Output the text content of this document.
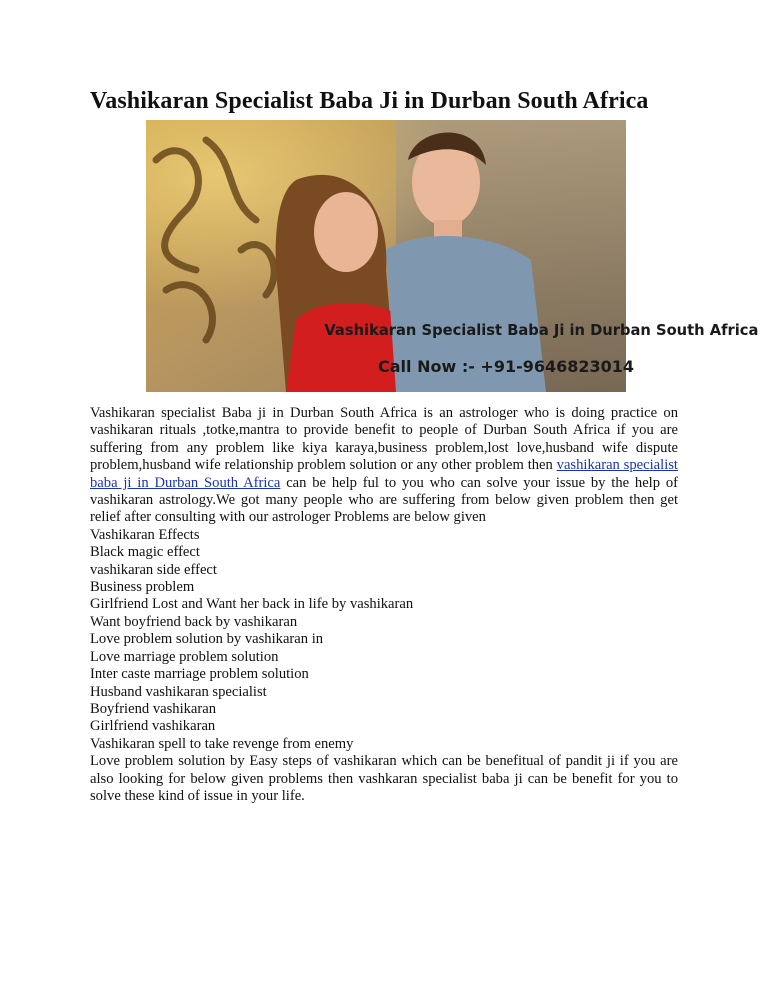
Vashikaran Specialist Baba Ji in Durban South Africa
Vashikaran Specialist Baba Ji in Durban South Africa
Call Now :- +91-9646823014

Vashikaran specialist Baba ji in Durban South Africa is an astrologer who is doing practice on vashikaran rituals ,totke,mantra to provide benefit to people of Durban South Africa if you are suffering from any problem like kiya karaya,business problem,lost love,husband wife dispute problem,husband wife relationship problem solution or any other problem then vashikaran specialist baba ji in Durban South Africa can be help ful to you who can solve your issue by the help of vashikaran astrology.We got many people who are suffering from below given problem then get relief after consulting with our astrologer Problems are below given

Vashikaran Effects
Black magic effect
vashikaran side effect
Business problem
Girlfriend Lost and Want her back in life by vashikaran
Want boyfriend back by vashikaran
Love problem solution by vashikaran in
Love marriage problem solution
Inter caste marriage problem solution
Husband vashikaran specialist
Boyfriend vashikaran
Girlfriend vashikaran
Vashikaran spell to take revenge from enemy

Love problem solution by Easy steps of vashikaran which can be benefitual of pandit ji if you are also looking for below given problems then vashkaran specialist baba ji can be benefit for you to solve these kind of issue in your life.
